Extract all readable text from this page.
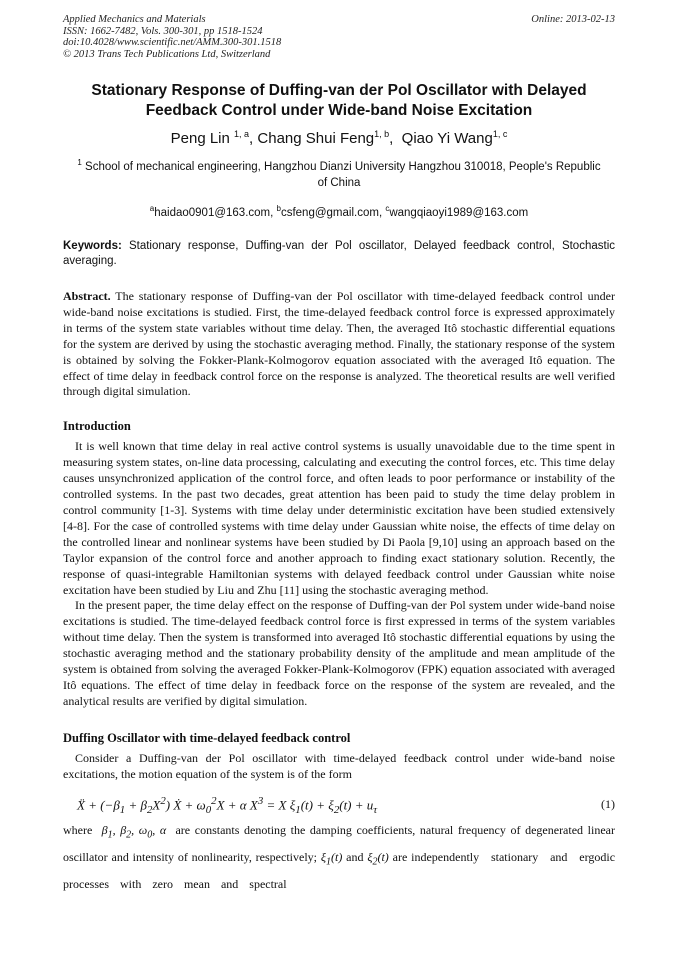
Applied Mechanics and Materials
ISSN: 1662-7482, Vols. 300-301, pp 1518-1524
doi:10.4028/www.scientific.net/AMM.300-301.1518
© 2013 Trans Tech Publications Ltd, Switzerland
Online: 2013-02-13
Stationary Response of Duffing-van der Pol Oscillator with Delayed
Feedback Control under Wide-band Noise Excitation
Peng Lin $^{1, a}$, Chang Shui Feng$^{1, b}$,  Qiao Yi Wang$^{1, c}$
$^1$ School of mechanical engineering, Hangzhou Dianzi University Hangzhou 310018, People's Republic of China
$^a$haidao0901@163.com, $^b$csfeng@gmail.com, $^c$wangqiaoyi1989@163.com
Keywords: Stationary response, Duffing-van der Pol oscillator, Delayed feedback control, Stochastic averaging.
Abstract. The stationary response of Duffing-van der Pol oscillator with time-delayed feedback control under wide-band noise excitations is studied. First, the time-delayed feedback control force is expressed approximately in terms of the system state variables without time delay. Then, the averaged Itô stochastic differential equations for the system are derived by using the stochastic averaging method. Finally, the stationary response of the system is obtained by solving the Fokker-Plank-Kolmogorov equation associated with the averaged Itô equation. The effect of time delay in feedback control force on the response is analyzed. The theoretical results are well verified through digital simulation.
Introduction
It is well known that time delay in real active control systems is usually unavoidable due to the time spent in measuring system states, on-line data processing, calculating and executing the control forces, etc. This time delay causes unsynchronized application of the control force, and often leads to poor performance or instability of the controlled systems. In the past two decades, great attention has been paid to study the time delay problem in control community [1-3]. Systems with time delay under deterministic excitation have been studied extensively [4-8]. For the case of controlled systems with time delay under Gaussian white noise, the effects of time delay on the controlled linear and nonlinear systems have been studied by Di Paola [9,10] using an approach based on the Taylor expansion of the control force and another approach to finding exact stationary solution. Recently, the response of quasi-integrable Hamiltonian systems with delayed feedback control under Gaussian white noise excitation have been studied by Liu and Zhu [11] using the stochastic averaging method.
In the present paper, the time delay effect on the response of Duffing-van der Pol system under wide-band noise excitations is studied. The time-delayed feedback control force is first expressed in terms of the system variables without time delay. Then the system is transformed into averaged Itô stochastic differential equations by using the stochastic averaging method and the stationary probability density of the amplitude and mean amplitude of the system is obtained from solving the averaged Fokker-Plank-Kolmogorov (FPK) equation associated with averaged Itô equations. The effect of time delay in feedback force on the response of the system are revealed, and the analytical results are verified by digital simulation.
Duffing Oscillator with time-delayed feedback control
Consider a Duffing-van der Pol oscillator with time-delayed feedback control under wide-band noise excitations, the motion equation of the system is of the form
Ẍ + $(-\beta_1 + \beta_2X^2)$ Ẋ + $\omega_0^2X + \alpha$ $X^3 = X$ $\xi_1(t) + \xi_2(t) + u_\tau$	(1)
where  $\beta_1$, $\beta_2$, $\omega_0$, α  are constants denoting the damping coefficients, natural frequency of degenerated linear oscillator and intensity of nonlinearity, respectively; $\xi_1(t)$ and $\xi_2(t)$ are independently stationary and ergodic processes with zero mean and spectral
